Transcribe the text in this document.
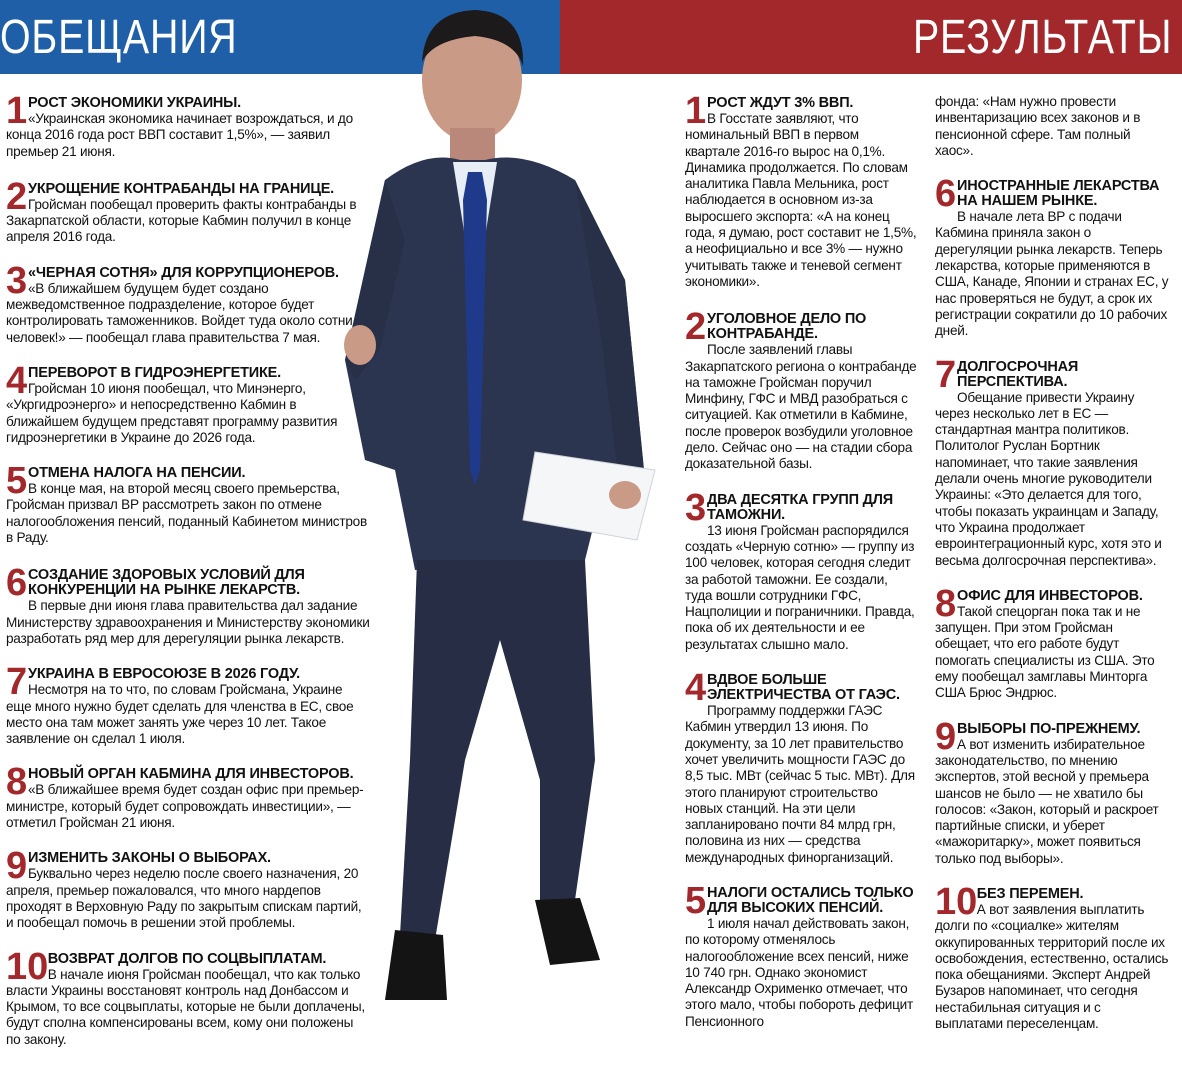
ОБЕЩАНИЯ	РЕЗУЛЬТАТЫ
1 РОСТ ЭКОНОМИКИ УКРАИНЫ.
«Украинская экономика начинает возрождаться, и до конца 2016 года рост ВВП составит 1,5%», — заявил премьер 21 июня.
2 УКРОЩЕНИЕ КОНТРАБАНДЫ НА ГРАНИЦЕ.
Гройсман пообещал проверить факты контрабанды в Закарпатской области, которые Кабмин получил в конце апреля 2016 года.
3 «ЧЕРНАЯ СОТНЯ» ДЛЯ КОРРУПЦИОНЕРОВ.
«В ближайшем будущем будет создано межведомственное подразделение, которое будет контролировать таможенников. Войдет туда около сотни человек!» — пообещал глава правительства 7 мая.
4 ПЕРЕВОРОТ В ГИДРОЭНЕРГЕТИКЕ.
Гройсман 10 июня пообещал, что Минэнерго, «Укргидроэнерго» и непосредственно Кабмин в ближайшем будущем представят программу развития гидроэнергетики в Украине до 2026 года.
5 ОТМЕНА НАЛОГА НА ПЕНСИИ.
В конце мая, на второй месяц своего премьерства, Гройсман призвал ВР рассмотреть закон по отмене налогообложения пенсий, поданный Кабинетом министров в Раду.
6 СОЗДАНИЕ ЗДОРОВЫХ УСЛОВИЙ ДЛЯ КОНКУРЕНЦИИ НА РЫНКЕ ЛЕКАРСТВ.
В первые дни июня глава правительства дал задание Министерству здравоохранения и Министерству экономики разработать ряд мер для дерегуляции рынка лекарств.
7 УКРАИНА В ЕВРОСОЮЗЕ В 2026 ГОДУ.
Несмотря на то что, по словам Гройсмана, Украине еще много нужно будет сделать для членства в ЕС, свое место она там может занять уже через 10 лет. Такое заявление он сделал 1 июля.
8 НОВЫЙ ОРГАН КАБМИНА ДЛЯ ИНВЕСТОРОВ.
«В ближайшее время будет создан офис при премьер-министре, который будет сопровождать инвестиции», — отметил Гройсман 21 июня.
9 ИЗМЕНИТЬ ЗАКОНЫ О ВЫБОРАХ.
Буквально через неделю после своего назначения, 20 апреля, премьер пожаловался, что много нардепов проходят в Верховную Раду по закрытым спискам партий, и пообещал помочь в решении этой проблемы.
10 ВОЗВРАТ ДОЛГОВ ПО СОЦВЫПЛАТАМ.
В начале июня Гройсман пообещал, что как только власти Украины восстановят контроль над Донбассом и Крымом, то все соцвыплаты, которые не были доплачены, будут сполна компенсированы всем, кому они положены по закону.
1 РОСТ ЖДУТ 3% ВВП.
В Госстате заявляют, что номинальный ВВП в первом квартале 2016-го вырос на 0,1%. Динамика продолжается. По словам аналитика Павла Мельника, рост наблюдается в основном из-за выросшего экспорта: «А на конец года, я думаю, рост составит не 1,5%, а неофициально и все 3% — нужно учитывать также и теневой сегмент экономики».
2 УГОЛОВНОЕ ДЕЛО ПО КОНТРАБАНДЕ.
После заявлений главы Закарпатского региона о контрабанде на таможне Гройсман поручил Минфину, ГФС и МВД разобраться с ситуацией. Как отметили в Кабмине, после проверок возбудили уголовное дело. Сейчас оно — на стадии сбора доказательной базы.
3 ДВА ДЕСЯТКА ГРУПП ДЛЯ ТАМОЖНИ.
13 июня Гройсман распорядился создать «Черную сотню» — группу из 100 человек, которая сегодня следит за работой таможни. Ее создали, туда вошли сотрудники ГФС, Нацполиции и пограничники. Правда, пока об их деятельности и ее результатах слышно мало.
4 ВДВОЕ БОЛЬШЕ ЭЛЕКТРИЧЕСТВА ОТ ГАЭС.
Программу поддержки ГАЭС Кабмин утвердил 13 июня. По документу, за 10 лет правительство хочет увеличить мощности ГАЭС до 8,5 тыс. МВт (сейчас 5 тыс. МВт). Для этого планируют строительство новых станций. На эти цели запланировано почти 84 млрд грн, половина из них — средства международных финорганизаций.
5 НАЛОГИ ОСТАЛИСЬ ТОЛЬКО ДЛЯ ВЫСОКИХ ПЕНСИЙ.
1 июля начал действовать закон, по которому отменялось налогообложение всех пенсий, ниже 10 740 грн. Однако экономист Александр Охрименко отмечает, что этого мало, чтобы побороть дефицит Пенсионного
фонда: «Нам нужно провести инвентаризацию всех законов и в пенсионной сфере. Там полный хаос».
6 ИНОСТРАННЫЕ ЛЕКАРСТВА НА НАШЕМ РЫНКЕ.
В начале лета ВР с подачи Кабмина приняла закон о дерегуляции рынка лекарств. Теперь лекарства, которые применяются в США, Канаде, Японии и странах ЕС, у нас проверяться не будут, а срок их регистрации сократили до 10 рабочих дней.
7 ДОЛГОСРОЧНАЯ ПЕРСПЕКТИВА.
Обещание привести Украину через несколько лет в ЕС — стандартная мантра политиков. Политолог Руслан Бортник напоминает, что такие заявления делали очень многие руководители Украины: «Это делается для того, чтобы показать украинцам и Западу, что Украина продолжает евроинтеграционный курс, хотя это и весьма долгосрочная перспектива».
8 ОФИС ДЛЯ ИНВЕСТОРОВ.
Такой спецорган пока так и не запущен. При этом Гройсман обещает, что его работе будут помогать специалисты из США. Это ему пообещал замглавы Минторга США Брюс Эндрюс.
9 ВЫБОРЫ ПО-ПРЕЖНЕМУ.
А вот изменить избирательное законодательство, по мнению экспертов, этой весной у премьера шансов не было — не хватило бы голосов: «Закон, который и раскроет партийные списки, и уберет «мажоритарку», может появиться только под выборы».
10 БЕЗ ПЕРЕМЕН.
А вот заявления выплатить долги по «социалке» жителям оккупированных территорий после их освобождения, естественно, остались пока обещаниями. Эксперт Андрей Бузаров напоминает, что сегодня нестабильная ситуация и с выплатами переселенцам.
